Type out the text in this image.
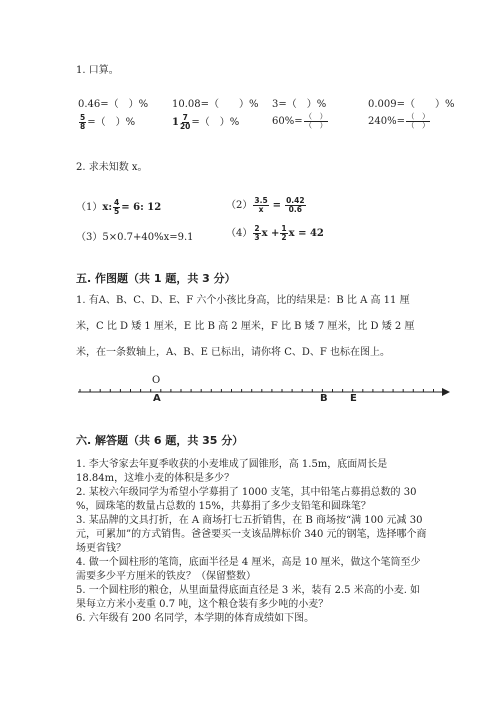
1. 口算。
0.46=（　）% 10.08=（　　）% 3=（　）%	0.009=（　　）%
$\frac{5}{8}$ =（　）%	$1 \frac{7}{20}$ =（　）%	$60\%= \frac{( )}{( )}$	$240\%= \frac{( )}{( )}$
2. 求未知数 x。
（1）x: $\frac{4}{5} = 6$: 12	$(2) \frac{3.5}{x} = \frac{0.42}{0.6}$
（3）5×0.7+40%x=9.1	$(4) \frac{2}{3}$ $x + \frac{1}{2}$ x = 42
五. 作图题（共 1 题，共 3 分）
1. 有A、B、C、D、E、F 六个小孩比身高，比的结果是：B 比 A 高 11 厘米，C 比 D 矮 1 厘米，E 比 B 高 2 厘米，F 比 B 矮 7 厘米，比 D 矮 2 厘米，在一条数轴上，A、B、E 已标出，请你将 C、D、F 也标在图上。
O
A	B E
六. 解答题（共 6 题，共 35 分）
1. 李大爷家去年夏季收获的小麦堆成了圆锥形，高 1.5m，底面周长是 18.84m，这堆小麦的体积是多少？
2. 某校六年级同学为希望小学募捐了 1000 支笔，其中铅笔占募捐总数的 30 %，圆珠笔的数量占总数的 15%，共募捐了多少支铅笔和圆珠笔？
3. 某品牌的文具打折，在 A 商场打七五折销售，在 B 商场按“满 100 元减 30 元，可累加”的方式销售。爸爸要买一支该品牌标价 340 元的钢笔，选择哪个商场更省钱？
4. 做一个圆柱形的笔筒，底面半径是 4 厘米，高是 10 厘米，做这个笔筒至少需要多少平方厘米的铁皮？（保留整数）
5. 一个圆柱形的粮仓，从里面量得底面直径是 3 米，装有 2.5 米高的小麦. 如果每立方米小麦重 0.7 吨，这个粮仓装有多少吨的小麦？
6. 六年级有 200 名同学，本学期的体育成绩如下图。
